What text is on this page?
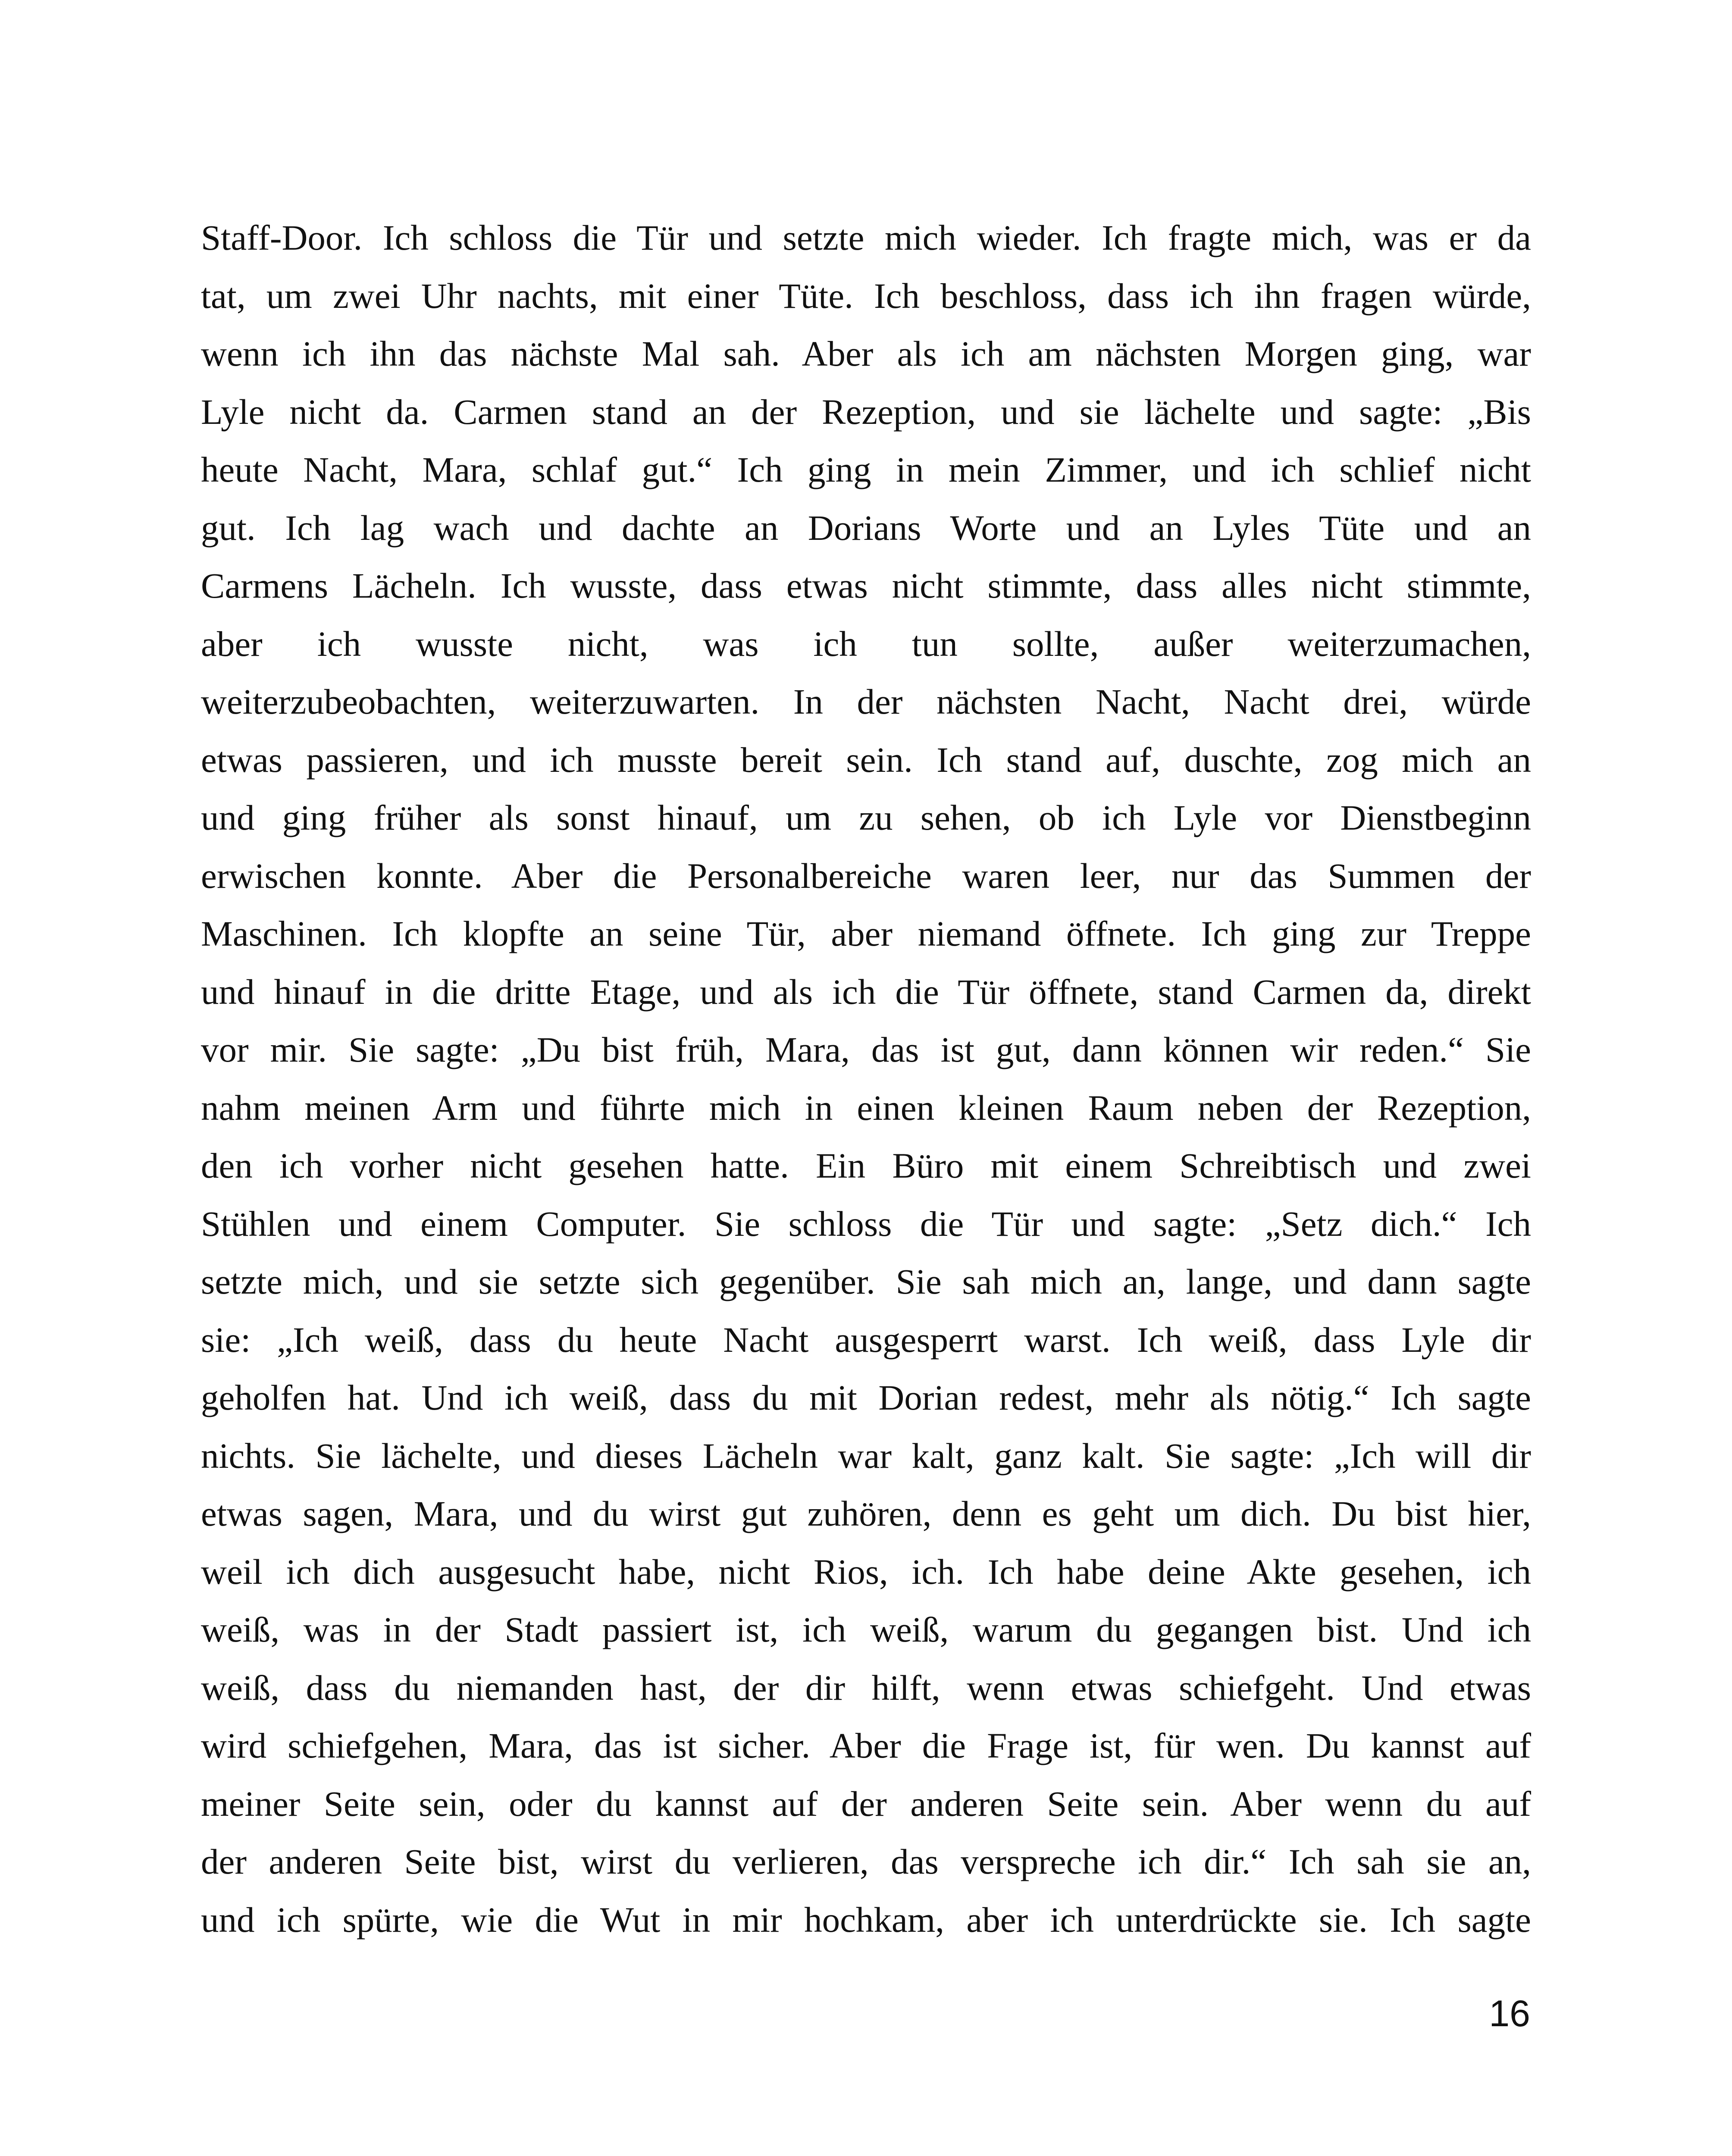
Staff-Door. Ich schloss die Tür und setzte mich wieder. Ich fragte mich, was er da
tat, um zwei Uhr nachts, mit einer Tüte. Ich beschloss, dass ich ihn fragen würde,
wenn ich ihn das nächste Mal sah. Aber als ich am nächsten Morgen ging, war
Lyle nicht da. Carmen stand an der Rezeption, und sie lächelte und sagte: „Bis
heute Nacht, Mara, schlaf gut.“ Ich ging in mein Zimmer, und ich schlief nicht
gut. Ich lag wach und dachte an Dorians Worte und an Lyles Tüte und an
Carmens Lächeln. Ich wusste, dass etwas nicht stimmte, dass alles nicht stimmte,
aber ich wusste nicht, was ich tun sollte, außer weiterzumachen,
weiterzubeobachten, weiterzuwarten. In der nächsten Nacht, Nacht drei, würde
etwas passieren, und ich musste bereit sein. Ich stand auf, duschte, zog mich an
und ging früher als sonst hinauf, um zu sehen, ob ich Lyle vor Dienstbeginn
erwischen konnte. Aber die Personalbereiche waren leer, nur das Summen der
Maschinen. Ich klopfte an seine Tür, aber niemand öffnete. Ich ging zur Treppe
und hinauf in die dritte Etage, und als ich die Tür öffnete, stand Carmen da, direkt
vor mir. Sie sagte: „Du bist früh, Mara, das ist gut, dann können wir reden.“ Sie
nahm meinen Arm und führte mich in einen kleinen Raum neben der Rezeption,
den ich vorher nicht gesehen hatte. Ein Büro mit einem Schreibtisch und zwei
Stühlen und einem Computer. Sie schloss die Tür und sagte: „Setz dich.“ Ich
setzte mich, und sie setzte sich gegenüber. Sie sah mich an, lange, und dann sagte
sie: „Ich weiß, dass du heute Nacht ausgesperrt warst. Ich weiß, dass Lyle dir
geholfen hat. Und ich weiß, dass du mit Dorian redest, mehr als nötig.“ Ich sagte
nichts. Sie lächelte, und dieses Lächeln war kalt, ganz kalt. Sie sagte: „Ich will dir
etwas sagen, Mara, und du wirst gut zuhören, denn es geht um dich. Du bist hier,
weil ich dich ausgesucht habe, nicht Rios, ich. Ich habe deine Akte gesehen, ich
weiß, was in der Stadt passiert ist, ich weiß, warum du gegangen bist. Und ich
weiß, dass du niemanden hast, der dir hilft, wenn etwas schiefgeht. Und etwas
wird schiefgehen, Mara, das ist sicher. Aber die Frage ist, für wen. Du kannst auf
meiner Seite sein, oder du kannst auf der anderen Seite sein. Aber wenn du auf
der anderen Seite bist, wirst du verlieren, das verspreche ich dir.“ Ich sah sie an,
und ich spürte, wie die Wut in mir hochkam, aber ich unterdrückte sie. Ich sagte
16
